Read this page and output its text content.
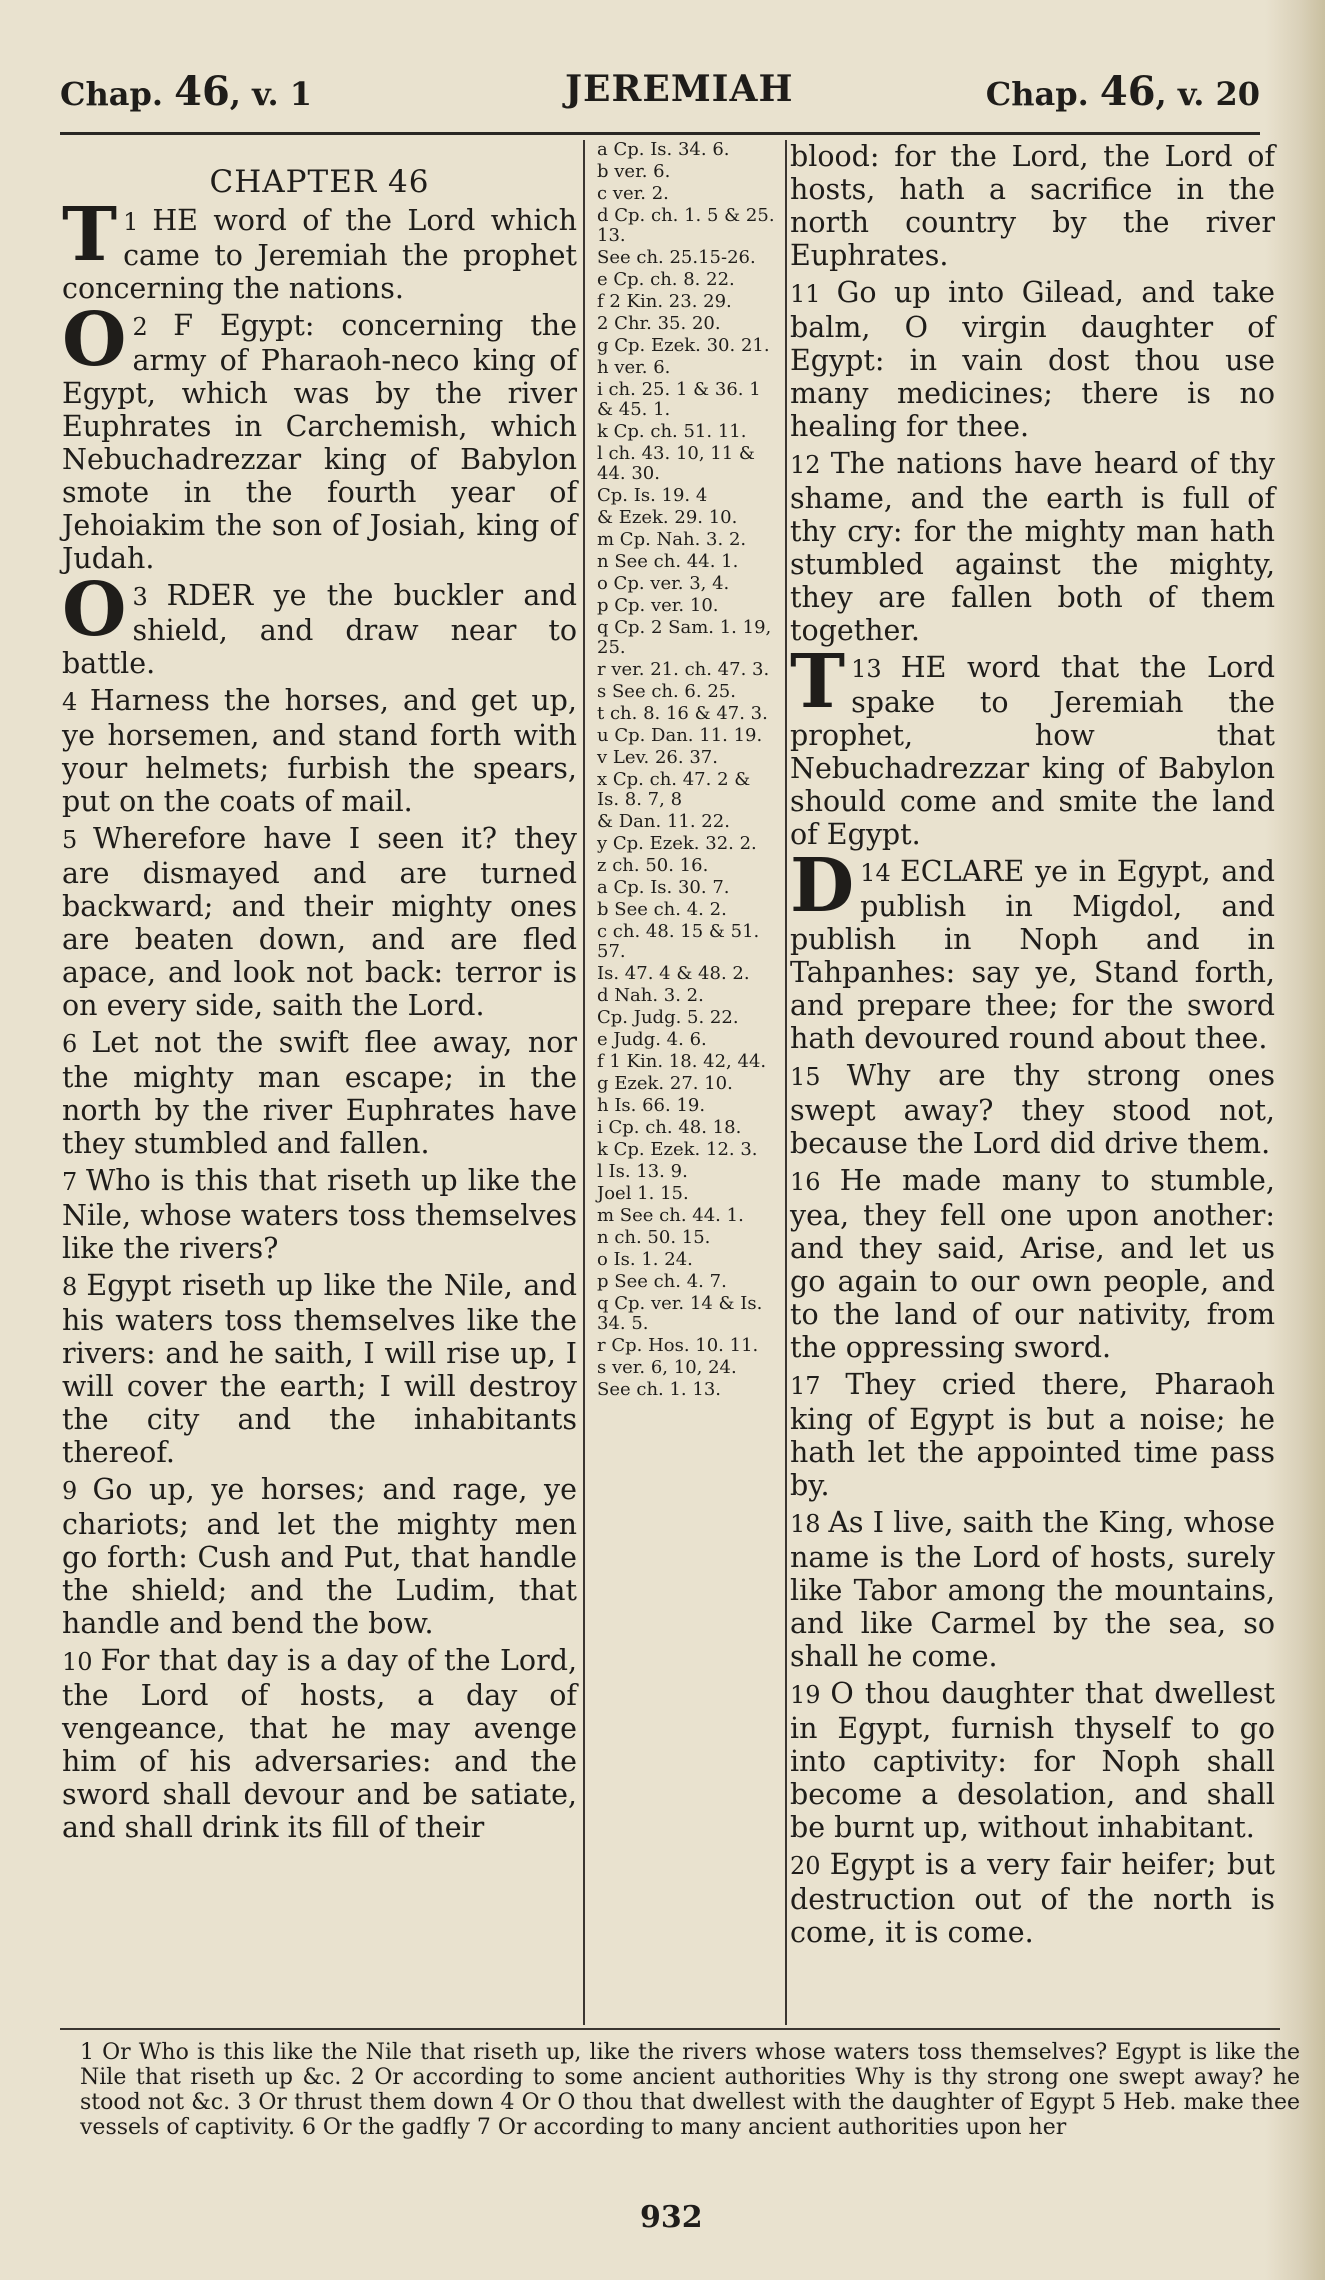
Chap. 46, v. 1	JEREMIAH	Chap. 46, v. 20
CHAPTER 46

1
T HE word of the Lord which came to Jeremiah the prophet concerning the nations.

2
O F Egypt: concerning the army of Pharaoh-neco king of Egypt, which was by the river Euphrates in Carchemish, which Nebuchadrezzar king of Babylon smote in the fourth year of Jehoiakim the son of Josiah, king of Judah.

3
O RDER ye the buckler and shield, and draw near to battle.

4 Harness the horses, and get up, ye horsemen, and stand forth with your helmets; furbish the spears, put on the coats of mail.

5 Wherefore have I seen it? they are dismayed and are turned backward; and their mighty ones are beaten down, and are fled apace, and look not back: terror is on every side, saith the Lord.

6 Let not the swift flee away, nor the mighty man escape; in the north by the river Euphrates have they stumbled and fallen.

7 Who is this that riseth up like the Nile, whose waters toss themselves like the rivers?

8 Egypt riseth up like the Nile, and his waters toss themselves like the rivers: and he saith, I will rise up, I will cover the earth; I will destroy the city and the inhabitants thereof.

9 Go up, ye horses; and rage, ye chariots; and let the mighty men go forth: Cush and Put, that handle the shield; and the Ludim, that handle and bend the bow.

10 For that day is a day of the Lord, the Lord of hosts, a day of vengeance, that he may avenge him of his adversaries: and the sword shall devour and be satiate, and shall drink its fill of their

a Cp. Is. 34. 6.
b ver. 6.
c ver. 2.
d Cp. ch. 1. 5 & 25. 13.
See ch. 25.15-26.
e Cp. ch. 8. 22.
f 2 Kin. 23. 29.
2 Chr. 35. 20.
g Cp. Ezek. 30. 21.
h ver. 6.
i ch. 25. 1 & 36. 1 & 45. 1.
k Cp. ch. 51. 11.
l ch. 43. 10, 11 & 44. 30.
Cp. Is. 19. 4
& Ezek. 29. 10.
m Cp. Nah. 3. 2.
n See ch. 44. 1.
o Cp. ver. 3, 4.
p Cp. ver. 10.
q Cp. 2 Sam. 1. 19, 25.
r ver. 21. ch. 47. 3.
s See ch. 6. 25.
t ch. 8. 16 & 47. 3.
u Cp. Dan. 11. 19.
v Lev. 26. 37.
x Cp. ch. 47. 2 & Is. 8. 7, 8
& Dan. 11. 22.
y Cp. Ezek. 32. 2.
z ch. 50. 16.
a Cp. Is. 30. 7.
b See ch. 4. 2.
c ch. 48. 15 & 51. 57.
Is. 47. 4 & 48. 2.
d Nah. 3. 2.
Cp. Judg. 5. 22.
e Judg. 4. 6.
f 1 Kin. 18. 42, 44.
g Ezek. 27. 10.
h Is. 66. 19.
i Cp. ch. 48. 18.
k Cp. Ezek. 12. 3.
l Is. 13. 9.
Joel 1. 15.
m See ch. 44. 1.
n ch. 50. 15.
o Is. 1. 24.
p See ch. 4. 7.
q Cp. ver. 14 & Is. 34. 5.
r Cp. Hos. 10. 11.
s ver. 6, 10, 24.
See ch. 1. 13.

blood: for the Lord, the Lord of hosts, hath a sacrifice in the north country by the river Euphrates.

11 Go up into Gilead, and take balm, O virgin daughter of Egypt: in vain dost thou use many medicines; there is no healing for thee.

12 The nations have heard of thy shame, and the earth is full of thy cry: for the mighty man hath stumbled against the mighty, they are fallen both of them together.

13
T HE word that the Lord spake to Jeremiah the prophet, how that Nebuchadrezzar king of Babylon should come and smite the land of Egypt.

14
D ECLARE ye in Egypt, and publish in Migdol, and publish in Noph and in Tahpanhes: say ye, Stand forth, and prepare thee; for the sword hath devoured round about thee.

15 Why are thy strong ones swept away? they stood not, because the Lord did drive them.

16 He made many to stumble, yea, they fell one upon another: and they said, Arise, and let us go again to our own people, and to the land of our nativity, from the oppressing sword.

17 They cried there, Pharaoh king of Egypt is but a noise; he hath let the appointed time pass by.

18 As I live, saith the King, whose name is the Lord of hosts, surely like Tabor among the mountains, and like Carmel by the sea, so shall he come.

19 O thou daughter that dwellest in Egypt, furnish thyself to go into captivity: for Noph shall become a desolation, and shall be burnt up, without inhabitant.

20 Egypt is a very fair heifer; but destruction out of the north is come, it is come.

1 Or Who is this like the Nile that riseth up, like the rivers whose waters toss themselves? Egypt is like the Nile that riseth up &c. 2 Or according to some ancient authorities Why is thy strong one swept away? he stood not &c. 3 Or thrust them down 4 Or O thou that dwellest with the daughter of Egypt 5 Heb. make thee vessels of captivity. 6 Or the gadfly 7 Or according to many ancient authorities upon her
932
